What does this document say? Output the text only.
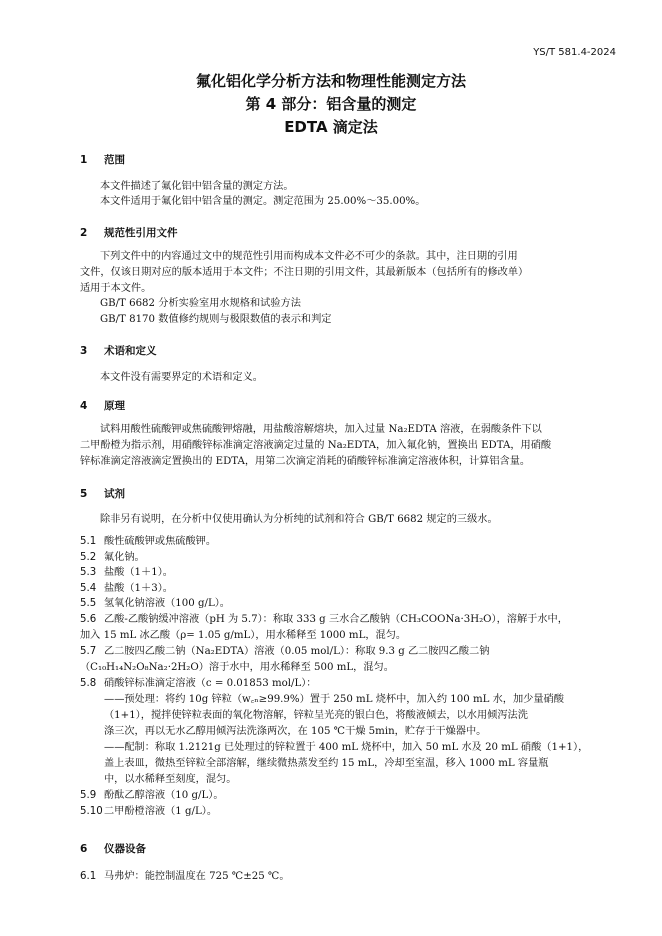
YS/T 581.4-2024
氟化铝化学分析方法和物理性能测定方法
第 4 部分：铝含量的测定
EDTA 滴定法
1 范围
本文件描述了氟化铝中铝含量的测定方法。
本文件适用于氟化铝中铝含量的测定。测定范围为 25.00%～35.00%。
2 规范性引用文件
下列文件中的内容通过文中的规范性引用而构成本文件必不可少的条款。其中，注日期的引用
文件，仅该日期对应的版本适用于本文件；不注日期的引用文件，其最新版本（包括所有的修改单）
适用于本文件。
GB/T 6682 分析实验室用水规格和试验方法
GB/T 8170 数值修约规则与极限数值的表示和判定
3 术语和定义
本文件没有需要界定的术语和定义。
4 原理
试料用酸性硫酸钾或焦硫酸钾熔融，用盐酸溶解熔块，加入过量 Na₂EDTA 溶液，在弱酸条件下以
二甲酚橙为指示剂，用硝酸锌标准滴定溶液滴定过量的 Na₂EDTA，加入氟化钠，置换出 EDTA，用硝酸
锌标准滴定溶液滴定置换出的 EDTA，用第二次滴定消耗的硝酸锌标准滴定溶液体积，计算铝含量。
5 试剂
除非另有说明，在分析中仅使用确认为分析纯的试剂和符合 GB/T 6682 规定的三级水。
5.1 酸性硫酸钾或焦硫酸钾。
5.2 氟化钠。
5.3 盐酸（1＋1）。
5.4 盐酸（1＋3）。
5.5 氢氧化钠溶液（100 g/L）。
5.6 乙酸-乙酸钠缓冲溶液（pH 为 5.7）：称取 333 g 三水合乙酸钠（CH₃COONa·3H₂O），溶解于水中，
加入 15 mL 冰乙酸（ρ= 1.05 g/mL），用水稀释至 1000 mL，混匀。
5.7 乙二胺四乙酸二钠（Na₂EDTA）溶液（0.05 mol/L）：称取 9.3 g 乙二胺四乙酸二钠
（C₁₀H₁₄N₂O₈Na₂·2H₂O）溶于水中，用水稀释至 500 mL，混匀。
5.8 硝酸锌标准滴定溶液（c = 0.01853 mol/L）：
——预处理：将约 10g 锌粒（w꜀ₙ≥99.9%）置于 250 mL 烧杯中，加入约 100 mL 水，加少量硝酸
（1+1），搅拌使锌粒表面的氧化物溶解，锌粒呈光亮的银白色，将酸液倾去，以水用倾泻法洗
涤三次，再以无水乙醇用倾泻法洗涤两次，在 105 ℃干燥 5min，贮存于干燥器中。
——配制：称取 1.2121g 已处理过的锌粒置于 400 mL 烧杯中，加入 50 mL 水及 20 mL 硝酸（1+1），
盖上表皿，微热至锌粒全部溶解，继续微热蒸发至约 15 mL，冷却至室温，移入 1000 mL 容量瓶
中，以水稀释至刻度，混匀。
5.9 酚酞乙醇溶液（10 g/L）。
5.10二甲酚橙溶液（1 g/L）。
6 仪器设备
6.1 马弗炉：能控制温度在 725 ℃±25 ℃。
